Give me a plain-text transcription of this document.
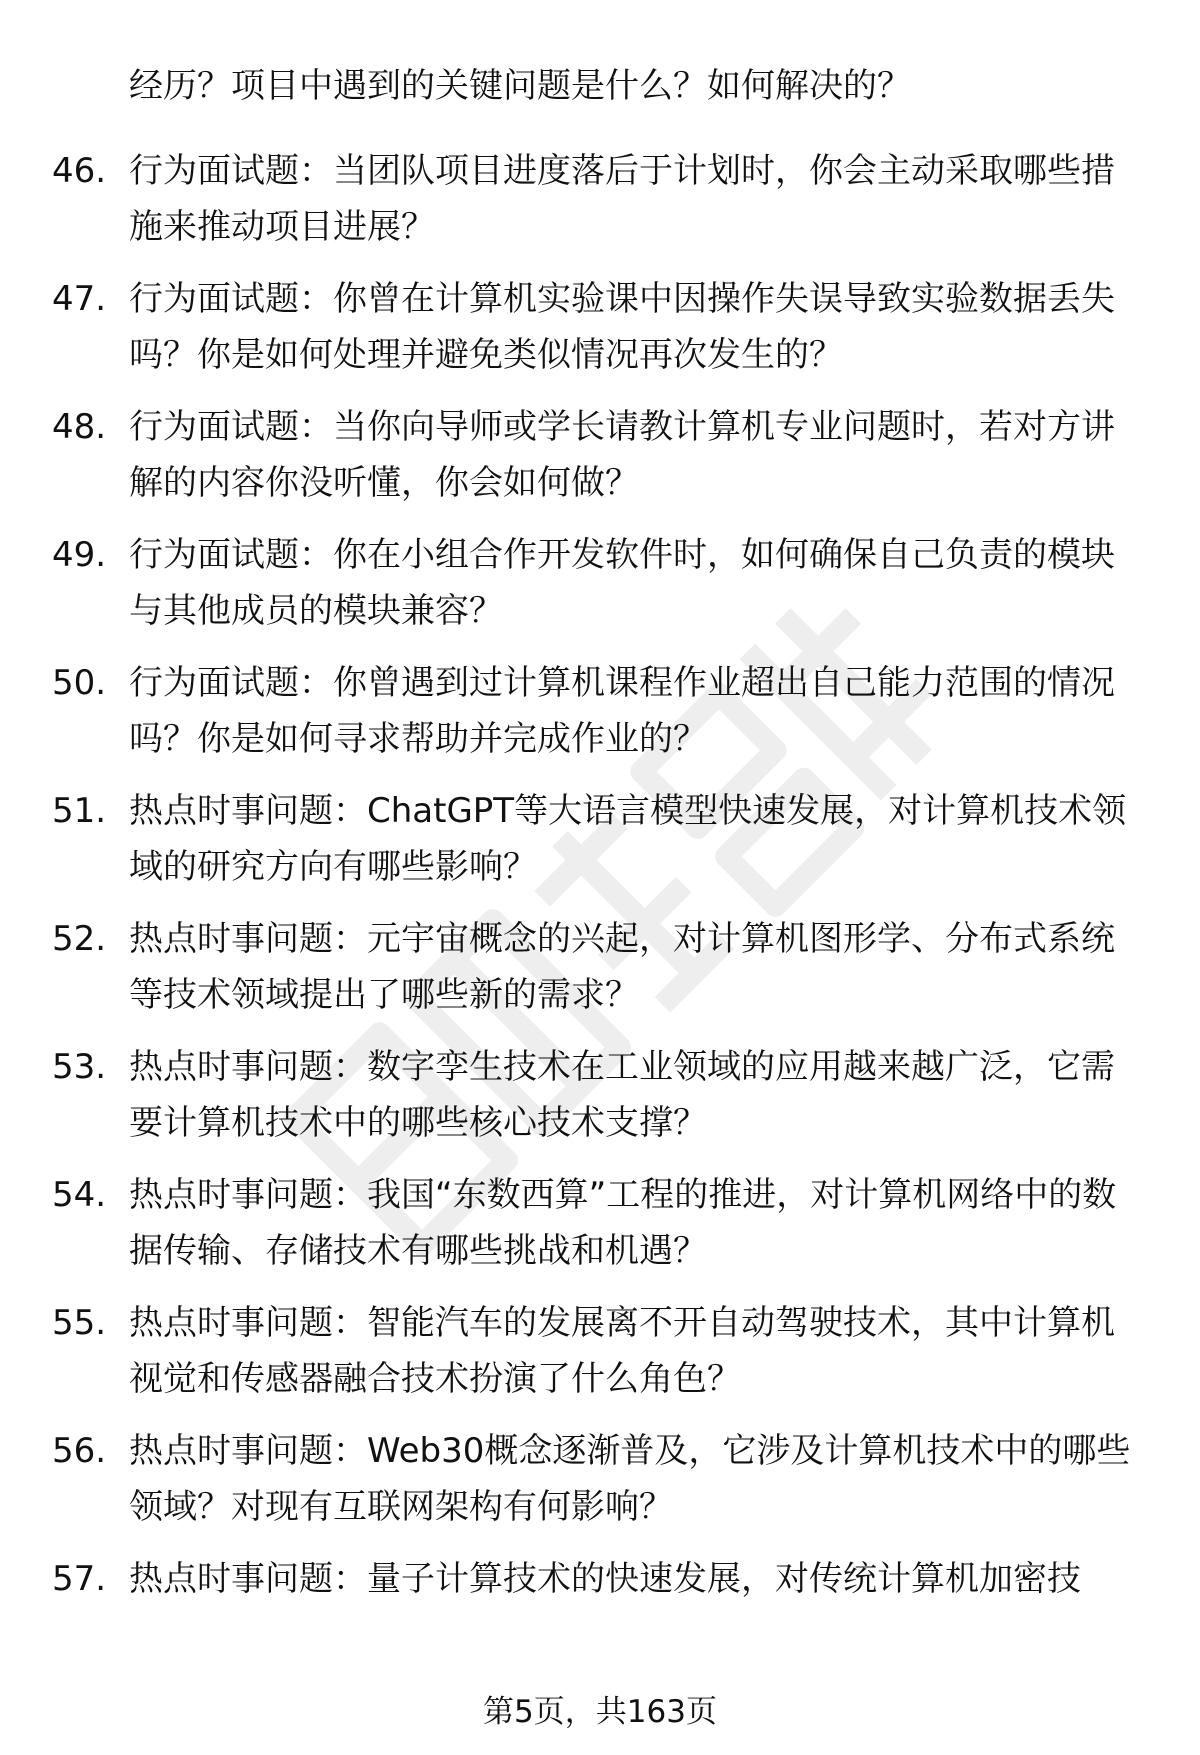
经历？项目中遇到的关键问题是什么？如何解决的？
46. 行为面试题：当团队项目进度落后于计划时，你会主动采取哪些措施来推动项目进展？
47. 行为面试题：你曾在计算机实验课中因操作失误导致实验数据丢失吗？你是如何处理并避免类似情况再次发生的？
48. 行为面试题：当你向导师或学长请教计算机专业问题时，若对方讲解的内容你没听懂，你会如何做？
49. 行为面试题：你在小组合作开发软件时，如何确保自己负责的模块与其他成员的模块兼容？
50. 行为面试题：你曾遇到过计算机课程作业超出自己能力范围的情况吗？你是如何寻求帮助并完成作业的？
51. 热点时事问题：ChatGPT等大语言模型快速发展，对计算机技术领域的研究方向有哪些影响？
52. 热点时事问题：元宇宙概念的兴起，对计算机图形学、分布式系统等技术领域提出了哪些新的需求？
53. 热点时事问题：数字孪生技术在工业领域的应用越来越广泛，它需要计算机技术中的哪些核心技术支撑？
54. 热点时事问题：我国“东数西算”工程的推进，对计算机网络中的数据传输、存储技术有哪些挑战和机遇？
55. 热点时事问题：智能汽车的发展离不开自动驾驶技术，其中计算机视觉和传感器融合技术扮演了什么角色？
56. 热点时事问题：Web30概念逐渐普及，它涉及计算机技术中的哪些领域？对现有互联网架构有何影响？
57. 热点时事问题：量子计算技术的快速发展，对传统计算机加密技
第5页，共163页
